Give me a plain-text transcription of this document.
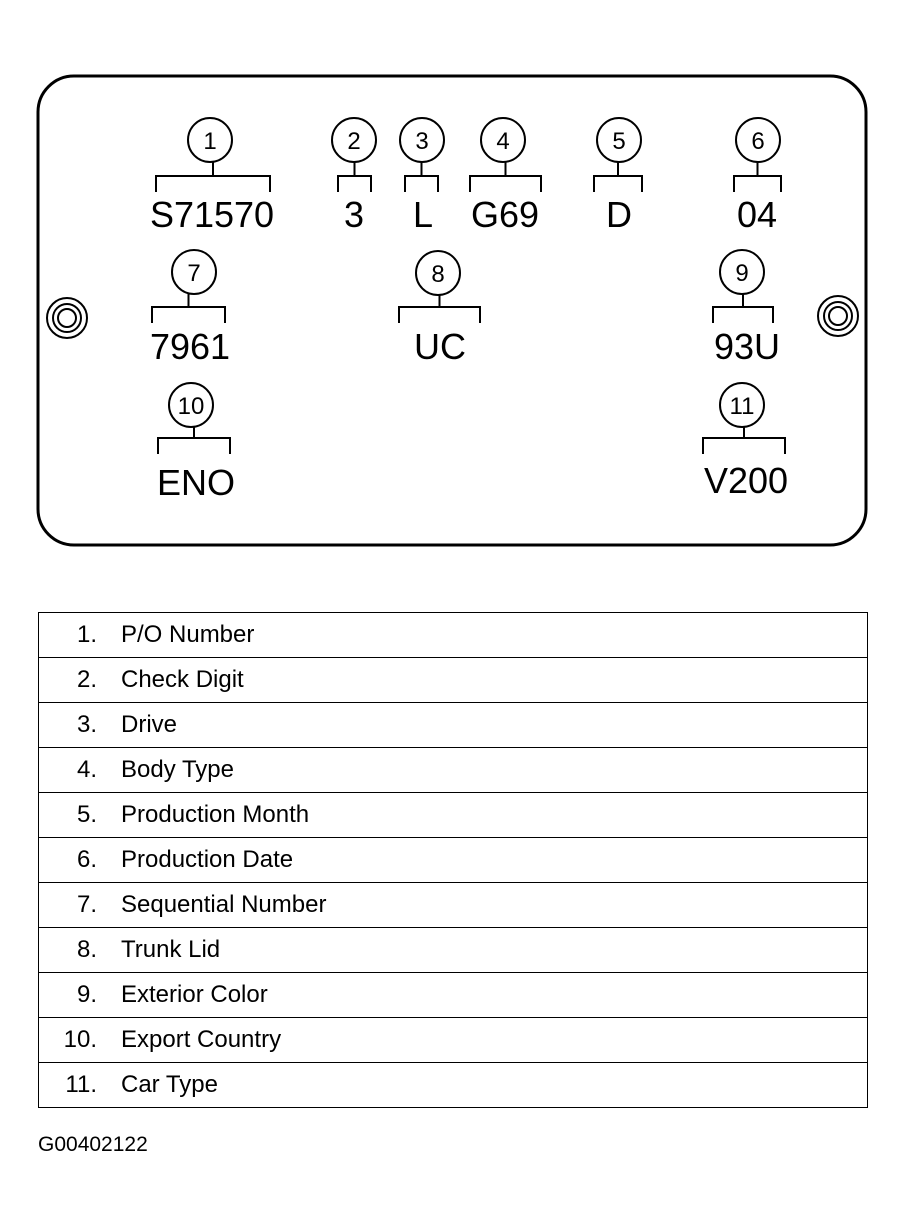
1
S71570
2
3
3
L
4
G69
5
D
6
04
7
7961
8
UC
9
93U
10
ENO
11
V200
1. P/O Number

2. Check Digit

3. Drive

4. Body Type

5. Production Month

6. Production Date

7. Sequential Number

8. Trunk Lid

9. Exterior Color

10. Export Country

11. Car Type
G00402122
